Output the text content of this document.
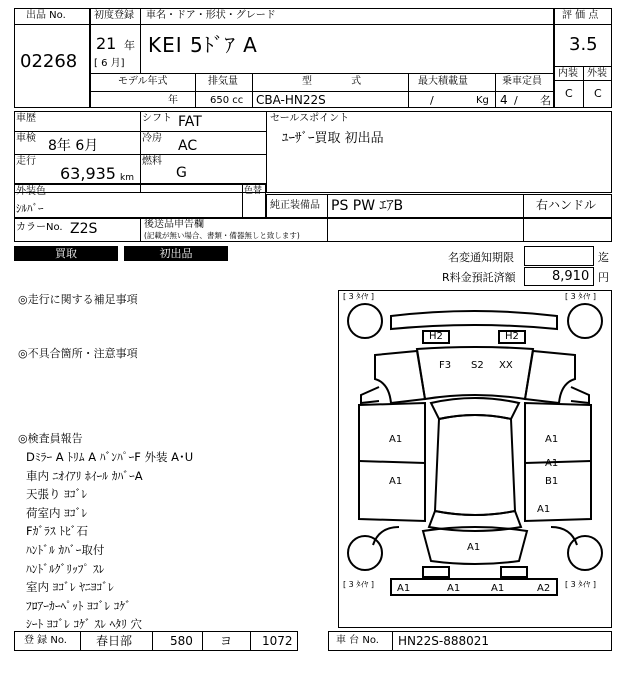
出品 No.
02268
初度登録 車名・ドア・形状・グレード
21 年
[ 6 月]
KEI 5ﾄﾞｱ A
モデル年式	排気量	型 式	最大積載量	乗車定員
年	650 cc CBA-HN22S	/	Kg 4 / 名
評 価 点
3.5
内装 外装
C C
車歴
車検 8年 6月
走行
63,935 km
シフト FAT
冷房 AC
燃料
G
セールスポイント
ﾕｰｻﾞｰ買取 初出品
外装色
ｼﾙﾊﾞｰ
色替
純正装備品 PS PW ｴｱB	右ハンドル
カラーNo. Z2S	後送品申告欄
(記載が無い場合、書類・備器無しと致します)
買取	初出品	名変通知期限	迄
R料金預託済額	8,910 円
◎走行に関する補足事項
◎不具合箇所・注意事項
◎検査員報告
Dﾐﾗｰ A ﾄﾘﾑ A ﾊﾞﾝﾊﾟｰF 外装 A･U
車内 ﾆｵｲｱﾘ ﾎｲｰﾙ ｶﾊﾞｰA
天張り ﾖｺﾞﾚ
荷室内 ﾖｺﾞﾚ
Fｶﾞﾗｽ ﾄﾋﾞ石
ﾊﾝﾄﾞﾙ ｶﾊﾞｰ取付
ﾊﾝﾄﾞﾙｸﾞﾘｯﾌﾟ ｽﾚ
室内 ﾖｺﾞﾚ ﾔﾆﾖｺﾞﾚ
ﾌﾛｱｰｶｰﾍﾟｯﾄ ﾖｺﾞﾚ ｺｹﾞ
ｼｰﾄ ﾖｺﾞﾚ ｺｹﾞ ｽﾚ ﾍﾀﾘ 穴
[ 3 ﾀｲﾔ ]	[ 3 ﾀｲﾔ ]
[ 3 ﾀｲﾔ ]	[ 3 ﾀｲﾔ ]
H2	H2
F3 S2 XX
A1	A1
A1
A1	B1
A1
A1
A1	A1	A1	A2
登 録 No. 春日部	580 ヨ 1072	車 台 No. HN22S-888021
